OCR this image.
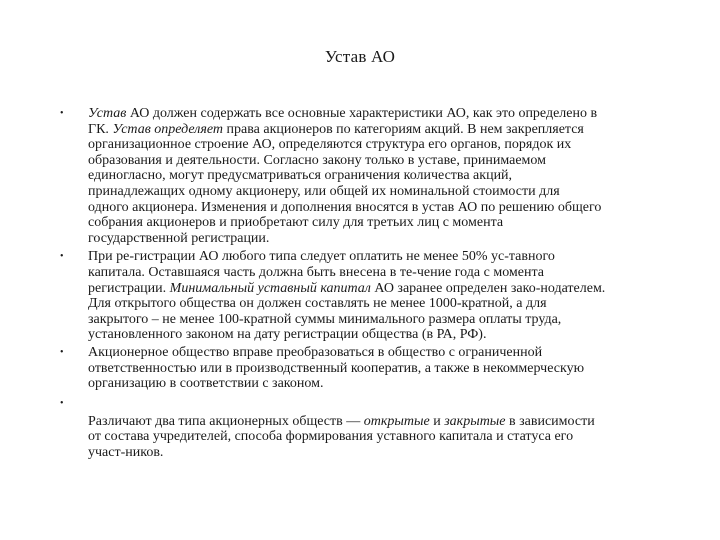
Устав АО
•	Устав АО должен содержать все основные характеристики АО, как это определено в
ГК. Устав определяет права акционеров по категориям акций. В нем закрепляется
организационное строение АО, определяются структура его органов, порядок их
образования и деятельности. Согласно закону только в уставе, принимаемом
единогласно, могут предусматриваться ограничения количества акций,
принадлежащих одному акционеру, или общей их номинальной стоимости для
одного акционера. Изменения и дополнения вносятся в устав АО по решению общего
собрания акционеров и приобретают силу для третьих лиц с момента
государственной регистрации.
•	При ре-гистрации АО любого типа следует оплатить не менее 50% ус-тавного
капитала. Оставшаяся часть должна быть внесена в те-чение года с момента
регистрации. Минимальный уставный капитал АО заранее определен зако-нодателем.
Для открытого общества он должен составлять не менее 1000-кратной, а для
закрытого – не менее 100-кратной суммы минимального размера оплаты труда,
установленного законом на дату регистрации общества (в РА, РФ).
•	Акционерное общество вправе преобразоваться в общество с ограниченной
ответственностью или в производственный кооператив, а также в некоммерческую
организацию в соответствии с законом.
•
Различают два типа акционерных обществ — открытые и закрытые в зависимости
от состава учредителей, способа формирования уставного капитала и статуса его
участ-ников.
